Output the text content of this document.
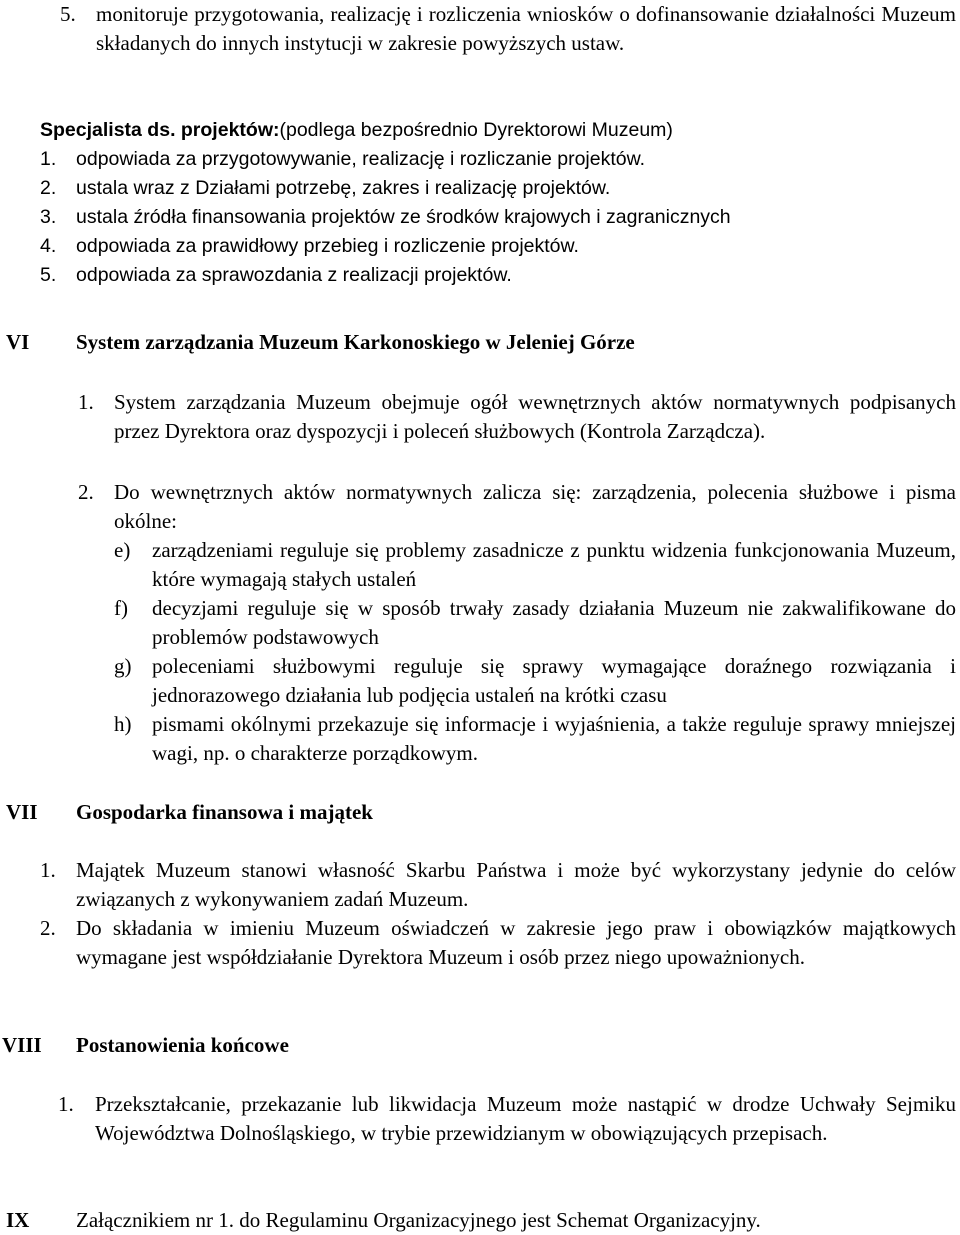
5. monitoruje przygotowania, realizację i rozliczenia wniosków o dofinansowanie działalności Muzeum składanych do innych instytucji w zakresie powyższych ustaw.
Specjalista ds. projektów:(podlega bezpośrednio Dyrektorowi Muzeum)
1. odpowiada za przygotowywanie, realizację i rozliczanie projektów.
2. ustala wraz z Działami potrzebę, zakres i realizację projektów.
3. ustala źródła finansowania projektów ze środków krajowych i zagranicznych
4. odpowiada za prawidłowy przebieg i rozliczenie projektów.
5. odpowiada za sprawozdania z realizacji projektów.
VI System zarządzania Muzeum Karkonoskiego w Jeleniej Górze
1. System zarządzania Muzeum obejmuje ogół wewnętrznych aktów normatywnych podpisanych przez Dyrektora oraz dyspozycji i poleceń służbowych (Kontrola Zarządcza).
2. Do wewnętrznych aktów normatywnych zalicza się: zarządzenia, polecenia służbowe i pisma okólne:
e) zarządzeniami reguluje się problemy zasadnicze z punktu widzenia funkcjonowania Muzeum, które wymagają stałych ustaleń
f) decyzjami reguluje się w sposób trwały zasady działania Muzeum nie zakwalifikowane do problemów podstawowych
g) poleceniami służbowymi reguluje się sprawy wymagające doraźnego rozwiązania i jednorazowego działania lub podjęcia ustaleń na krótki czasu
h) pismami okólnymi przekazuje się informacje i wyjaśnienia, a także reguluje sprawy mniejszej wagi, np. o charakterze porządkowym.
VII Gospodarka finansowa i majątek
1. Majątek Muzeum stanowi własność Skarbu Państwa i może być wykorzystany jedynie do celów związanych z wykonywaniem zadań Muzeum.
2. Do składania w imieniu Muzeum oświadczeń w zakresie jego praw i obowiązków majątkowych wymagane jest współdziałanie Dyrektora Muzeum i osób przez niego upoważnionych.
VIII Postanowienia końcowe
1. Przekształcanie, przekazanie lub likwidacja Muzeum może nastąpić w drodze Uchwały Sejmiku Województwa Dolnośląskiego, w trybie przewidzianym w obowiązujących przepisach.
IX Załącznikiem nr 1. do Regulaminu Organizacyjnego jest Schemat Organizacyjny.
